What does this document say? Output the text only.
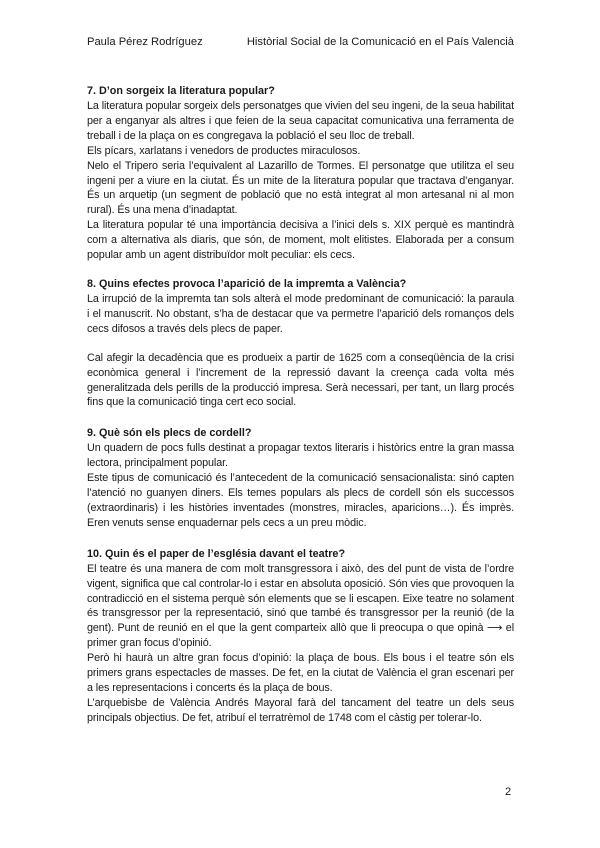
Paula Pérez Rodríguez	Històrial Social de la Comunicació en el País Valencià
7. D’on sorgeix la literatura popular?

La literatura popular sorgeix dels personatges que vivien del seu ingeni, de la seua habilitat per a enganyar als altres i que feien de la seua capacitat comunicativa una ferramenta de treball i de la plaça on es congregava la població el seu lloc de treball.

Els pícars, xarlatans i venedors de productes miraculosos.

Nelo el Tripero seria l’equivalent al Lazarillo de Tormes. El personatge que utilitza el seu ingeni per a viure en la ciutat. És un mite de la literatura popular que tractava d’enganyar. És un arquetip (un segment de població que no està integrat al mon artesanal ni al mon rural). És una mena d’inadaptat.

La literatura popular té una importància decisiva a l’inici dels s. XIX perquè es mantindrà com a alternativa als diaris, que són, de moment, molt elitistes. Elaborada per a consum popular amb un agent distribuïdor molt peculiar: els cecs.

8. Quins efectes provoca l’aparició de la impremta a València?

La irrupció de la impremta tan sols alterà el mode predominant de comunicació: la paraula i el manuscrit. No obstant, s’ha de destacar que va permetre l’aparició dels romanços dels cecs difosos a través dels plecs de paper.

Cal afegir la decadència que es produeix a partir de 1625 com a conseqüència de la crisi econòmica general i l’increment de la repressió davant la creença cada volta més generalitzada dels perills de la producció impresa. Serà necessari, per tant, un llarg procés fins que la comunicació tinga cert eco social.

9. Què són els plecs de cordell?

Un quadern de pocs fulls destinat a propagar textos literaris i històrics entre la gran massa lectora, principalment popular.

Este tipus de comunicació és l’antecedent de la comunicació sensacionalista: sinó capten l’atenció no guanyen diners. Els temes populars als plecs de cordell són els successos (extraordinaris) i les històries inventades (monstres, miracles, aparicions…). És imprès. Eren venuts sense enquadernar pels cecs a un preu mòdic.

10. Quin és el paper de l’església davant el teatre?

El teatre és una manera de com molt transgressora i això, des del punt de vista de l’ordre vigent, significa que cal controlar-lo i estar en absoluta oposició. Són vies que provoquen la contradicció en el sistema perquè són elements que se li escapen. Eixe teatre no solament és transgressor per la representació, sinó que també és transgressor per la reunió (de la gent). Punt de reunió en el que la gent comparteix allò que li preocupa o que opinà ⟶ el primer gran focus d’opinió.

Però hi haurà un altre gran focus d’opinió: la plaça de bous. Els bous i el teatre són els primers grans espectacles de masses. De fet, en la ciutat de València el gran escenari per a les representacions i concerts és la plaça de bous.

L’arquebisbe de València Andrés Mayoral farà del tancament del teatre un dels seus principals objectius. De fet, atribuí el terratrèmol de 1748 com el càstig per tolerar-lo.

2
